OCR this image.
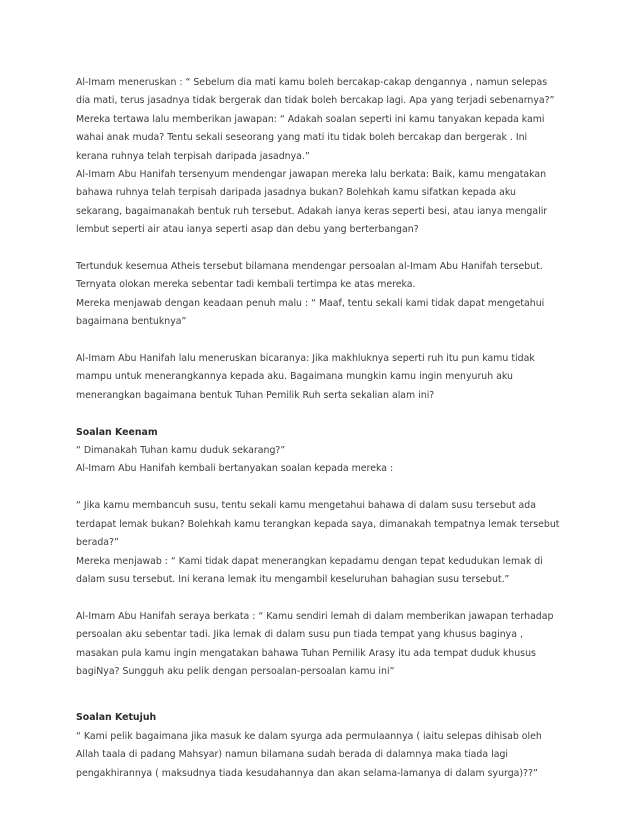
Al-Imam meneruskan : “ Sebelum dia mati kamu boleh bercakap-cakap dengannya , namun selepas
dia mati, terus jasadnya tidak bergerak dan tidak boleh bercakap lagi. Apa yang terjadi sebenarnya?”
Mereka tertawa lalu memberikan jawapan: “ Adakah soalan seperti ini kamu tanyakan kepada kami
wahai anak muda? Tentu sekali seseorang yang mati itu tidak boleh bercakap dan bergerak . Ini
kerana ruhnya telah terpisah daripada jasadnya.”
Al-Imam Abu Hanifah tersenyum mendengar jawapan mereka lalu berkata: Baik, kamu mengatakan
bahawa ruhnya telah terpisah daripada jasadnya bukan? Bolehkah kamu sifatkan kepada aku
sekarang, bagaimanakah bentuk ruh tersebut. Adakah ianya keras seperti besi, atau ianya mengalir
lembut seperti air atau ianya seperti asap dan debu yang berterbangan?
Tertunduk kesemua Atheis tersebut bilamana mendengar persoalan al-Imam Abu Hanifah tersebut.
Ternyata olokan mereka sebentar tadi kembali tertimpa ke atas mereka.
Mereka menjawab dengan keadaan penuh malu : “ Maaf, tentu sekali kami tidak dapat mengetahui
bagaimana bentuknya”
Al-Imam Abu Hanifah lalu meneruskan bicaranya: Jika makhluknya seperti ruh itu pun kamu tidak
mampu untuk menerangkannya kepada aku. Bagaimana mungkin kamu ingin menyuruh aku
menerangkan bagaimana bentuk Tuhan Pemilik Ruh serta sekalian alam ini?
Soalan Keenam
“ Dimanakah Tuhan kamu duduk sekarang?”
Al-Imam Abu Hanifah kembali bertanyakan soalan kepada mereka :
“ Jika kamu membancuh susu, tentu sekali kamu mengetahui bahawa di dalam susu tersebut ada
terdapat lemak bukan? Bolehkah kamu terangkan kepada saya, dimanakah tempatnya lemak tersebut
berada?”
Mereka menjawab : “ Kami tidak dapat menerangkan kepadamu dengan tepat kedudukan lemak di
dalam susu tersebut. Ini kerana lemak itu mengambil keseluruhan bahagian susu tersebut.”
Al-Imam Abu Hanifah seraya berkata : “ Kamu sendiri lemah di dalam memberikan jawapan terhadap
persoalan aku sebentar tadi. Jika lemak di dalam susu pun tiada tempat yang khusus baginya ,
masakan pula kamu ingin mengatakan bahawa Tuhan Pemilik Arasy itu ada tempat duduk khusus
bagiNya? Sungguh aku pelik dengan persoalan-persoalan kamu ini”
Soalan Ketujuh
“ Kami pelik bagaimana jika masuk ke dalam syurga ada permulaannya ( iaitu selepas dihisab oleh
Allah taala di padang Mahsyar) namun bilamana sudah berada di dalamnya maka tiada lagi
pengakhirannya ( maksudnya tiada kesudahannya dan akan selama-lamanya di dalam syurga)??”
